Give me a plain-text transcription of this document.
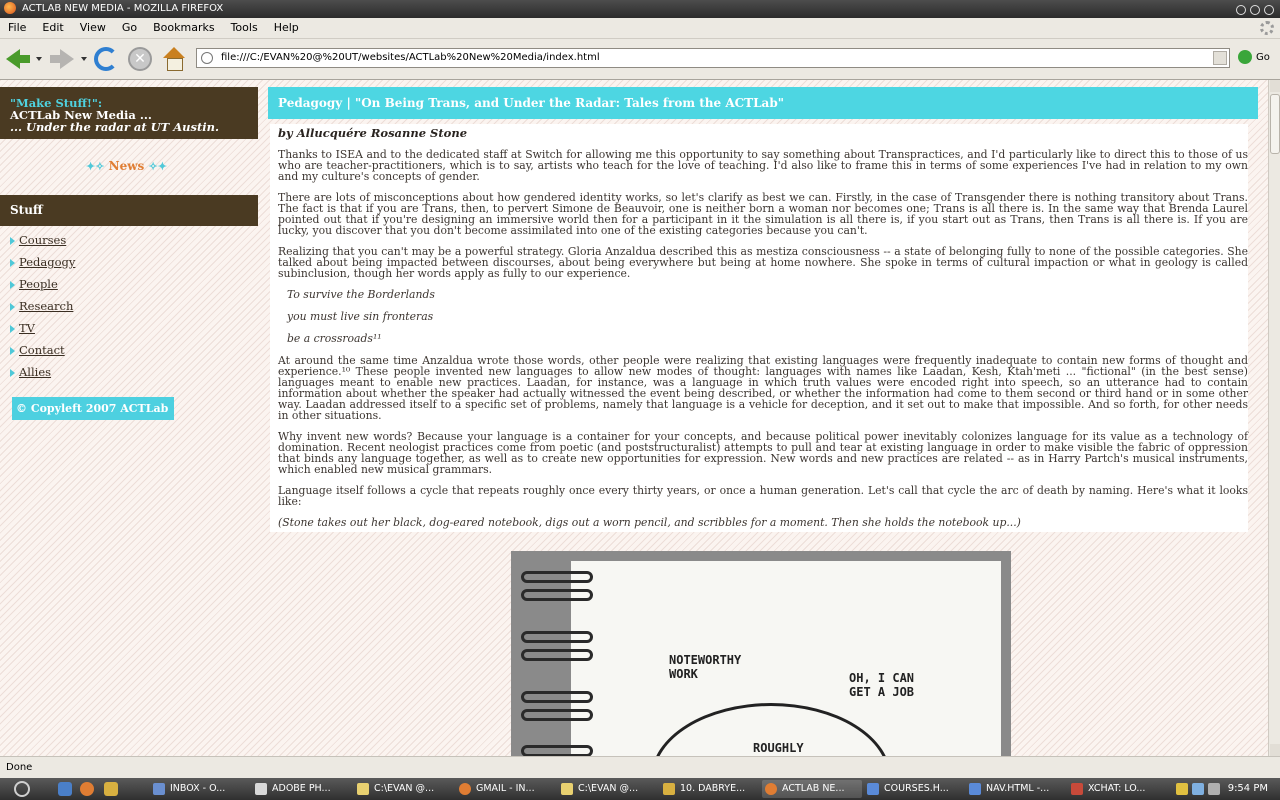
ACTLAB NEW MEDIA - MOZILLA FIREFOX
File Edit View Go Bookmarks Tools Help
✕	file:///C:/EVAN%20@%20UT/websites/ACTLab%20New%20Media/index.html	Go
"Make Stuff!":
ACTLab New Media ...
... Under the radar at UT Austin.
✦✧ News ✧✦
Stuff
Courses
Pedagogy
People
Research
TV
Contact
Allies
© Copyleft 2007 ACTLab
Pedagogy | "On Being Trans, and Under the Radar: Tales from the ACTLab"

by Allucquére Rosanne Stone

Thanks to ISEA and to the dedicated staff at Switch for allowing me this opportunity to say something about Transpractices, and I'd particularly like to direct this to those of us who are teacher-practitioners, which is to say, artists who teach for the love of teaching. I'd also like to frame this in terms of some experiences I've had in relation to my own and my culture's concepts of gender.

There are lots of misconceptions about how gendered identity works, so let's clarify as best we can. Firstly, in the case of Transgender there is nothing transitory about Trans. The fact is that if you are Trans, then, to pervert Simone de Beauvoir, one is neither born a woman nor becomes one; Trans is all there is. In the same way that Brenda Laurel pointed out that if you're designing an immersive world then for a participant in it the simulation is all there is, if you start out as Trans, then Trans is all there is. If you are lucky, you discover that you don't become assimilated into one of the existing categories because you can't.

Realizing that you can't may be a powerful strategy. Gloria Anzaldua described this as mestiza consciousness -- a state of belonging fully to none of the possible categories. She talked about being impacted between discourses, about being everywhere but being at home nowhere. She spoke in terms of cultural impaction or what in geology is called subinclusion, though her words apply as fully to our experience.

To survive the Borderlands

you must live sin fronteras

be a crossroads¹¹

At around the same time Anzaldua wrote those words, other people were realizing that existing languages were frequently inadequate to contain new forms of thought and experience.¹⁰ These people invented new languages to allow new modes of thought: languages with names like Laadan, Kesh, Ktah'meti ... "fictional" (in the best sense) languages meant to enable new practices. Laadan, for instance, was a language in which truth values were encoded right into speech, so an utterance had to contain information about whether the speaker had actually witnessed the event being described, or whether the information had come to them second or third hand or in some other way. Laadan addressed itself to a specific set of problems, namely that language is a vehicle for deception, and it set out to make that impossible. And so forth, for other needs in other situations.

Why invent new words? Because your language is a container for your concepts, and because political power inevitably colonizes language for its value as a technology of domination. Recent neologist practices come from poetic (and poststructuralist) attempts to pull and tear at existing language in order to make visible the fabric of oppression that binds any language together, as well as to create new opportunities for expression. New words and new practices are related -- as in Harry Partch's musical instruments, which enabled new musical grammars.

Language itself follows a cycle that repeats roughly once every thirty years, or once a human generation. Let's call that cycle the arc of death by naming. Here's what it looks like:

(Stone takes out her black, dog-eared notebook, digs out a worn pencil, and scribbles for a moment. Then she holds the notebook up...)

NOTEWORTHY
WORK	OH, I CAN
GET A JOB
ROUGHLY
Done
INBOX - O...	ADOBE PH...	C:\EVAN @...	GMAIL - IN...	C:\EVAN @...	10. DABRYE...	ACTLAB NE...	COURSES.H...	NAV.HTML -...	XCHAT: LO...	9:54 PM
